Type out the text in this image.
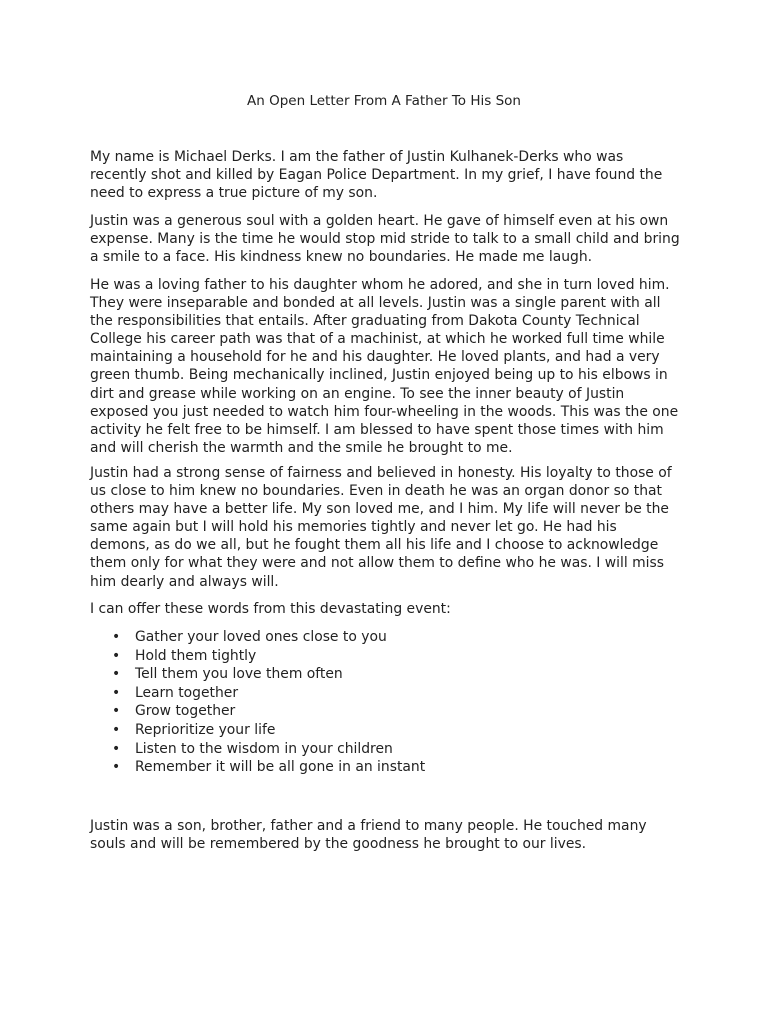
An Open Letter From A Father To His Son

My name is Michael Derks. I am the father of Justin Kulhanek-Derks who was
recently shot and killed by Eagan Police Department. In my grief, I have found the
need to express a true picture of my son.

Justin was a generous soul with a golden heart. He gave of himself even at his own
expense. Many is the time he would stop mid stride to talk to a small child and bring
a smile to a face. His kindness knew no boundaries. He made me laugh.

He was a loving father to his daughter whom he adored, and she in turn loved him.
They were inseparable and bonded at all levels. Justin was a single parent with all
the responsibilities that entails. After graduating from Dakota County Technical
College his career path was that of a machinist, at which he worked full time while
maintaining a household for he and his daughter. He loved plants, and had a very
green thumb. Being mechanically inclined, Justin enjoyed being up to his elbows in
dirt and grease while working on an engine. To see the inner beauty of Justin
exposed you just needed to watch him four-wheeling in the woods. This was the one
activity he felt free to be himself. I am blessed to have spent those times with him
and will cherish the warmth and the smile he brought to me.

Justin had a strong sense of fairness and believed in honesty. His loyalty to those of
us close to him knew no boundaries. Even in death he was an organ donor so that
others may have a better life. My son loved me, and I him. My life will never be the
same again but I will hold his memories tightly and never let go. He had his
demons, as do we all, but he fought them all his life and I choose to acknowledge
them only for what they were and not allow them to define who he was. I will miss
him dearly and always will.

I can offer these words from this devastating event:

• Gather your loved ones close to you
• Hold them tightly
• Tell them you love them often
• Learn together
• Grow together
• Reprioritize your life
• Listen to the wisdom in your children
• Remember it will be all gone in an instant

Justin was a son, brother, father and a friend to many people. He touched many
souls and will be remembered by the goodness he brought to our lives.
